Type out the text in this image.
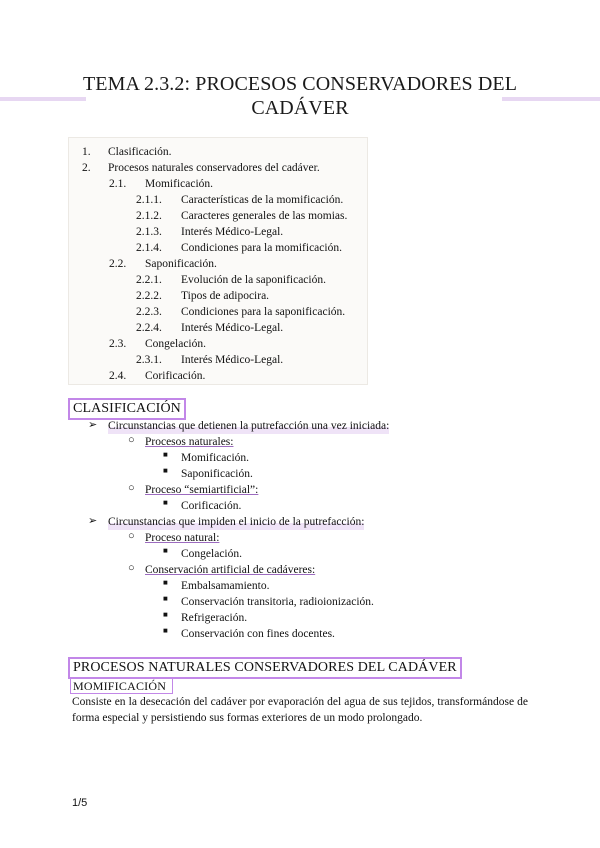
TEMA 2.3.2: PROCESOS CONSERVADORES DEL
CADÁVER
1. Clasificación.
2. Procesos naturales conservadores del cadáver.
2.1. Momificación.
2.1.1. Características de la momificación.
2.1.2. Caracteres generales de las momias.
2.1.3. Interés Médico-Legal.
2.1.4. Condiciones para la momificación.
2.2. Saponificación.
2.2.1. Evolución de la saponificación.
2.2.2. Tipos de adipocira.
2.2.3. Condiciones para la saponificación.
2.2.4. Interés Médico-Legal.
2.3. Congelación.
2.3.1. Interés Médico-Legal.
2.4. Corificación.
CLASIFICACIÓN
➢ Circunstancias que detienen la putrefacción una vez iniciada:
○ Procesos naturales:
■ Momificación.
■ Saponificación.
○ Proceso “semiartificial”:
■ Corificación.
➢ Circunstancias que impiden el inicio de la putrefacción:
○ Proceso natural:
■ Congelación.
○ Conservación artificial de cadáveres:
■ Embalsamamiento.
■ Conservación transitoria, radioionización.
■ Refrigeración.
■ Conservación con fines docentes.
PROCESOS NATURALES CONSERVADORES DEL CADÁVER
MOMIFICACIÓN
Consiste en la desecación del cadáver por evaporación del agua de sus tejidos, transformándose de forma especial y persistiendo sus formas exteriores de un modo prolongado.
1/5
